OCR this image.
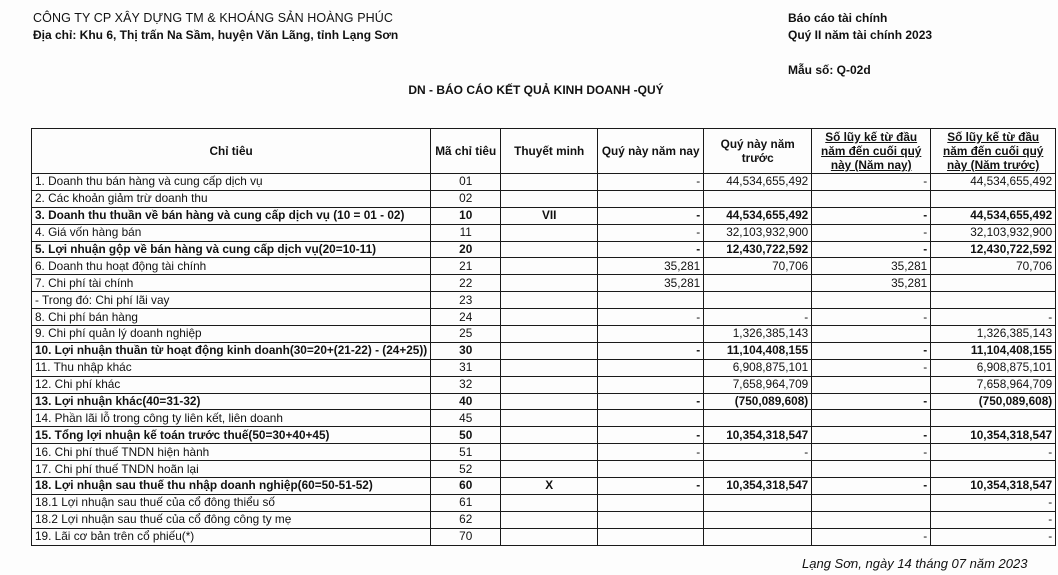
CÔNG TY CP XÂY DỰNG TM & KHOÁNG SẢN HOÀNG PHÚC
Địa chỉ: Khu 6, Thị trấn Na Sầm, huyện Văn Lãng, tỉnh Lạng Sơn
Báo cáo tài chính
Quý II năm tài chính 2023
Mẫu số: Q-02d
DN - BÁO CÁO KẾT QUẢ KINH DOANH -QUÝ
Chỉ tiêu	Mã chỉ tiêu	Thuyết minh	Quý này năm nay	Quý này năm trước	Số lũy kế từ đầu năm đến cuối quý này (Năm nay)	Số lũy kế từ đầu năm đến cuối quý này (Năm trước)
1. Doanh thu bán hàng và cung cấp dịch vụ	01		-	44,534,655,492	-	44,534,655,492
2. Các khoản giảm trừ doanh thu	02					
3. Doanh thu thuần về bán hàng và cung cấp dịch vụ (10 = 01 - 02)	10	VII	-	44,534,655,492	-	44,534,655,492
4. Giá vốn hàng bán	11		-	32,103,932,900	-	32,103,932,900
5. Lợi nhuận gộp về bán hàng và cung cấp dịch vụ(20=10-11)	20		-	12,430,722,592	-	12,430,722,592
6. Doanh thu hoạt động tài chính	21		35,281	70,706	35,281	70,706
7. Chi phí tài chính	22		35,281		35,281	
- Trong đó: Chi phí lãi vay	23					
8. Chi phí bán hàng	24		-	-	-	-
9. Chi phí quản lý doanh nghiệp	25			1,326,385,143		1,326,385,143
10. Lợi nhuận thuần từ hoạt động kinh doanh(30=20+(21-22) - (24+25))	30		-	11,104,408,155	-	11,104,408,155
11. Thu nhập khác	31			6,908,875,101	-	6,908,875,101
12. Chi phí khác	32			7,658,964,709		7,658,964,709
13. Lợi nhuận khác(40=31-32)	40		-	(750,089,608)	-	(750,089,608)
14. Phần lãi lỗ trong công ty liên kết, liên doanh	45					
15. Tổng lợi nhuận kế toán trước thuế(50=30+40+45)	50		-	10,354,318,547	-	10,354,318,547
16. Chi phí thuế TNDN hiện hành	51		-	-	-	-
17. Chi phí thuế TNDN hoãn lại	52					
18. Lợi nhuận sau thuế thu nhập doanh nghiệp(60=50-51-52)	60	X	-	10,354,318,547	-	10,354,318,547
18.1 Lợi nhuận sau thuế của cổ đông thiểu số	61					-
18.2 Lợi nhuận sau thuế của cổ đông công ty mẹ	62					-
19. Lãi cơ bản trên cổ phiếu(*)	70				-	-
Lạng Sơn, ngày 14 tháng 07 năm 2023
